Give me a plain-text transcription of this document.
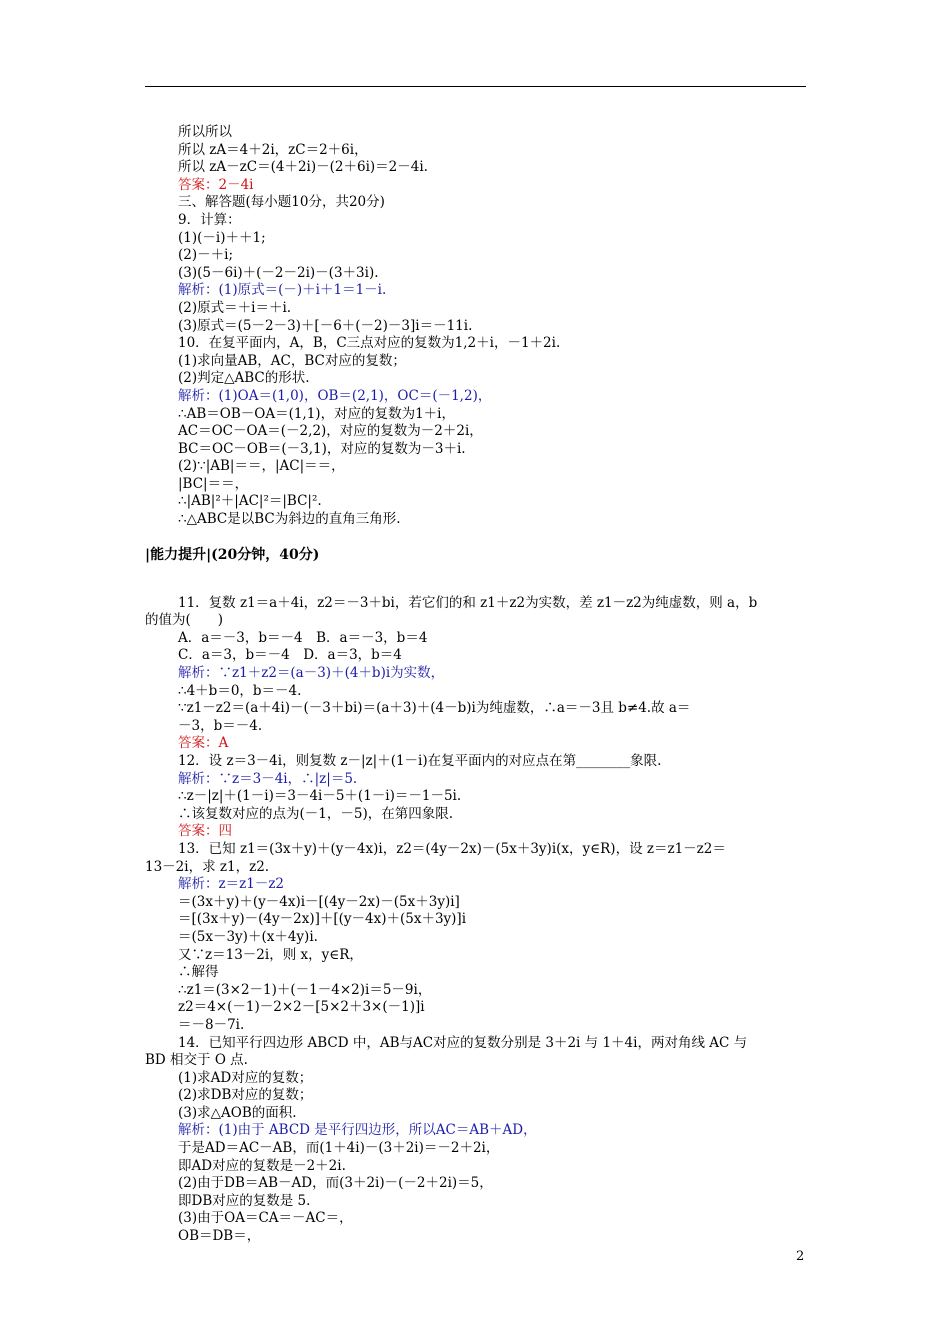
所以所以
所以 zA＝4＋2i，zC＝2＋6i，
所以 zA－zC＝(4＋2i)－(2＋6i)＝2－4i.
答案：2－4i
三、解答题(每小题10分，共20分)
9．计算：
(1)(－i)＋＋1;
(2)－＋i;
(3)(5－6i)＋(－2－2i)－(3＋3i).
解析：(1)原式＝(－)＋i＋1＝1－i.
(2)原式＝＋i＝＋i.
(3)原式＝(5－2－3)＋[－6＋(－2)－3]i＝－11i.
10．在复平面内，A，B，C三点对应的复数为1,2＋i，－1＋2i.
(1)求向量AB，AC，BC对应的复数；
(2)判定△ABC的形状.
解析：(1)OA＝(1,0)，OB＝(2,1)，OC＝(－1,2)，
∴AB＝OB－OA＝(1,1)，对应的复数为1＋i，
AC＝OC－OA＝(－2,2)，对应的复数为－2＋2i，
BC＝OC－OB＝(－3,1)，对应的复数为－3＋i.
(2)∵|AB|＝＝，|AC|＝＝，
|BC|＝＝，
∴|AB|²＋|AC|²＝|BC|².
∴△ABC是以BC为斜边的直角三角形.
|能力提升|(20分钟，40分)
11．复数 z1＝a＋4i，z2＝－3＋bi，若它们的和 z1＋z2为实数，差 z1－z2为纯虚数，则 a，b
的值为(　　)
A．a＝－3，b＝－4　B．a＝－3，b＝4
C．a＝3，b＝－4　D．a＝3，b＝4
解析：∵z1＋z2＝(a－3)＋(4＋b)i为实数，
∴4＋b＝0，b＝－4.
∵z1－z2＝(a＋4i)－(－3＋bi)＝(a＋3)＋(4－b)i为纯虚数，∴a＝－3且 b≠4.故 a＝
－3，b＝－4.
答案：A
12．设 z＝3－4i，则复数 z－|z|＋(1－i)在复平面内的对应点在第________象限.
解析：∵z＝3－4i，∴|z|＝5.
∴z－|z|＋(1－i)＝3－4i－5＋(1－i)＝－1－5i.
∴该复数对应的点为(－1，－5)，在第四象限.
答案：四
13．已知 z1＝(3x＋y)＋(y－4x)i，z2＝(4y－2x)－(5x＋3y)i(x，y∈R)，设 z＝z1－z2＝
13－2i，求 z1，z2.
解析：z＝z1－z2
＝(3x＋y)＋(y－4x)i－[(4y－2x)－(5x＋3y)i]
＝[(3x＋y)－(4y－2x)]＋[(y－4x)＋(5x＋3y)]i
＝(5x－3y)＋(x＋4y)i.
又∵z＝13－2i，则 x，y∈R，
∴解得
∴z1＝(3×2－1)＋(－1－4×2)i＝5－9i，
z2＝4×(－1)－2×2－[5×2＋3×(－1)]i
＝－8－7i.
14．已知平行四边形 ABCD 中，AB与AC对应的复数分别是 3＋2i 与 1＋4i，两对角线 AC 与
BD 相交于 O 点.
(1)求AD对应的复数；
(2)求DB对应的复数；
(3)求△AOB的面积.
解析：(1)由于 ABCD 是平行四边形，所以AC＝AB＋AD，
于是AD＝AC－AB，而(1＋4i)－(3＋2i)＝－2＋2i，
即AD对应的复数是－2＋2i.
(2)由于DB＝AB－AD，而(3＋2i)－(－2＋2i)＝5，
即DB对应的复数是 5.
(3)由于OA＝CA＝－AC＝，
OB＝DB＝，
2
